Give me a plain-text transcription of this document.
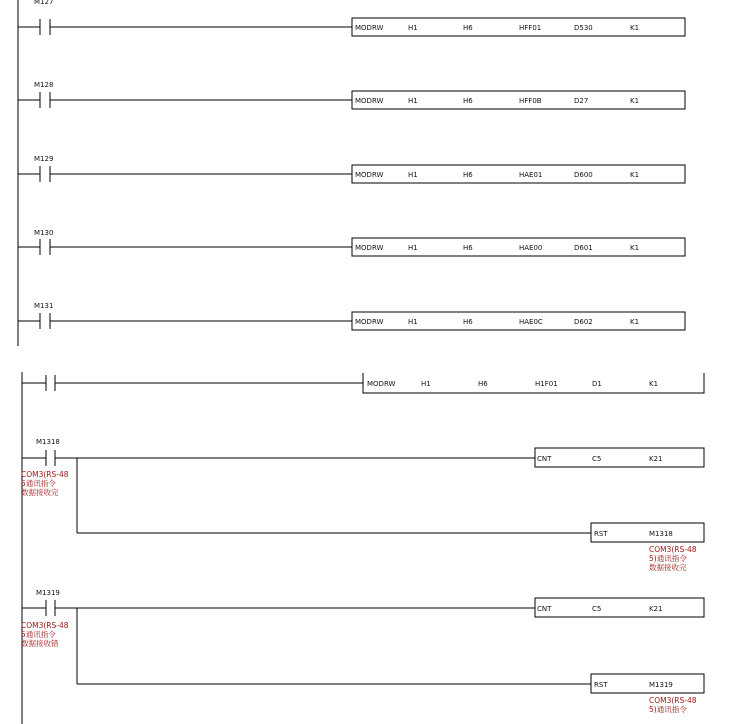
M127
MODRW	H1	H6	HFF01	D530	K1
M128
MODRW	H1	H6	HFF0B	D27	K1
M129
MODRW	H1	H6	HAE01	D600	K1
M130
MODRW	H1	H6	HAE00	D601	K1
M131
MODRW	H1	H6	HAE0C	D602	K1
MODRW	H1	H6	H1F01	D1	K1
M1318
COM3(RS-48
5通讯指令
数据接收完
CNT	C5	K21
RST	M1318
COM3(RS-48
5)通讯指令
数据接收完
M1319
COM3(RS-48
5通讯指令
数据接收错
CNT	C5	K21
RST	M1319
COM3(RS-48
5)通讯指令
